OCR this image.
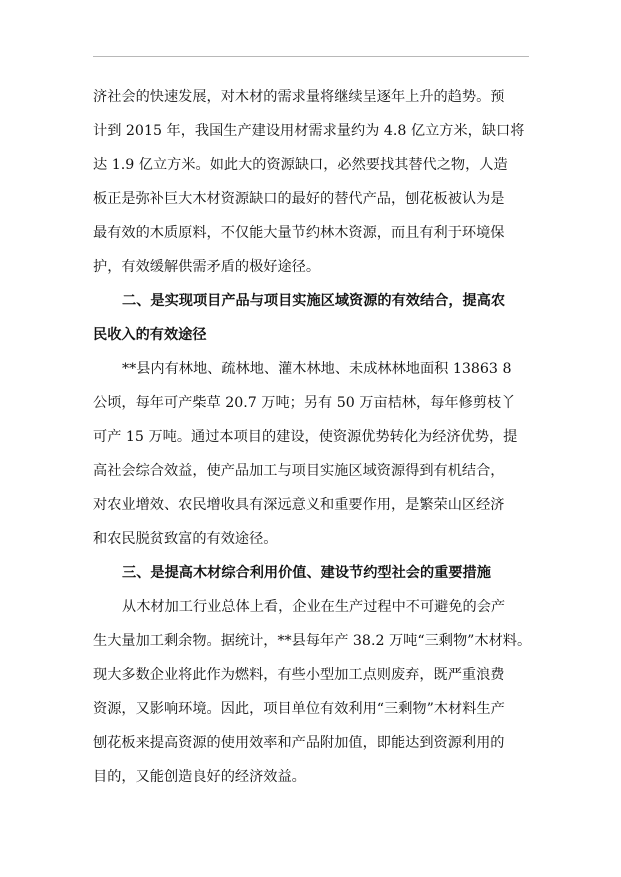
济社会的快速发展，对木材的需求量将继续呈逐年上升的趋势。预
计到 2015 年，我国生产建设用材需求量约为 4.8 亿立方米，缺口将
达 1.9 亿立方米。如此大的资源缺口，必然要找其替代之物，人造
板正是弥补巨大木材资源缺口的最好的替代产品，刨花板被认为是
最有效的木质原料，不仅能大量节约林木资源，而且有利于环境保
护，有效缓解供需矛盾的极好途径。
二、是实现项目产品与项目实施区域资源的有效结合，提高农
民收入的有效途径
**县内有林地、疏林地、灌木林地、未成林林地面积 13863 8
公顷，每年可产柴草 20.7 万吨；另有 50 万亩桔林，每年修剪枝丫
可产 15 万吨。通过本项目的建设，使资源优势转化为经济优势，提
高社会综合效益，使产品加工与项目实施区域资源得到有机结合，
对农业增效、农民增收具有深远意义和重要作用，是繁荣山区经济
和农民脱贫致富的有效途径。
三、是提高木材综合利用价值、建设节约型社会的重要措施
从木材加工行业总体上看，企业在生产过程中不可避免的会产
生大量加工剩余物。据统计，**县每年产 38.2 万吨“三剩物”木材料。
现大多数企业将此作为燃料，有些小型加工点则废弃，既严重浪费
资源，又影响环境。因此，项目单位有效利用“三剩物”木材料生产
刨花板来提高资源的使用效率和产品附加值，即能达到资源利用的
目的，又能创造良好的经济效益。
